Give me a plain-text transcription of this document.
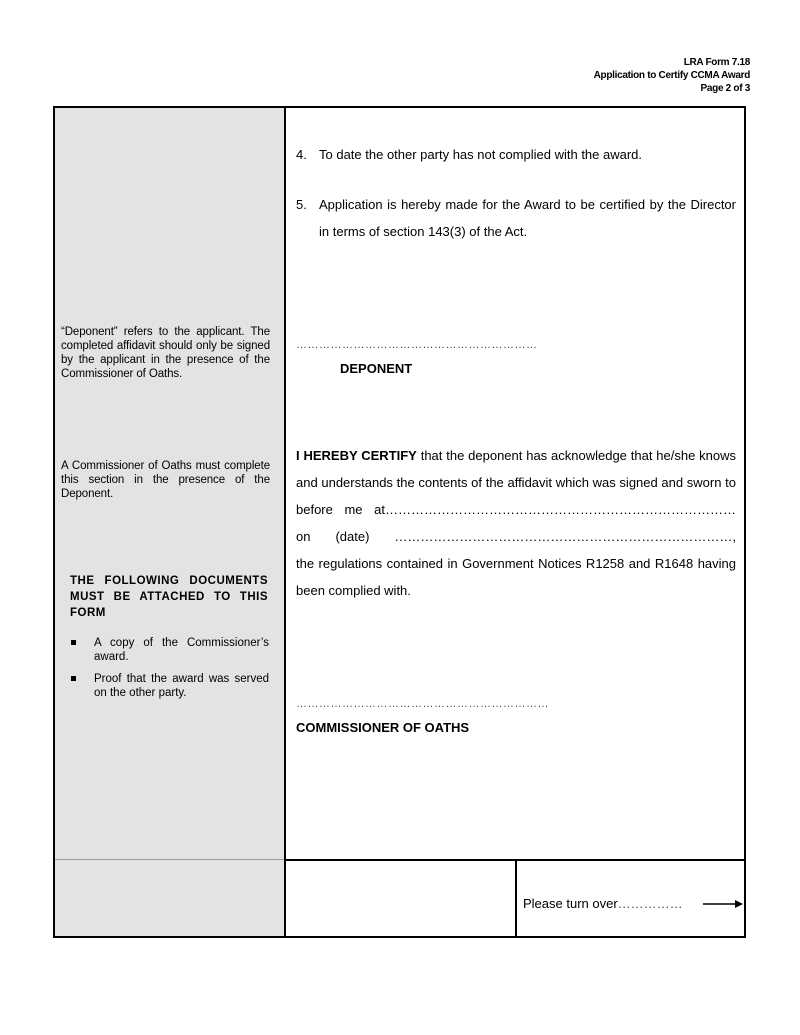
LRA Form 7.18
Application to Certify CCMA Award
Page 2 of 3
“Deponent” refers to the applicant. The completed affidavit should only be signed by the applicant in the presence of the Commissioner of Oaths.
A Commissioner of Oaths must complete this section in the presence of the Deponent.
THE FOLLOWING DOCUMENTS MUST BE ATTACHED TO THIS FORM
A copy of the Commissioner’s award.
Proof that the award was served on the other party.
4. To date the other party has not complied with the award.
5. Application is hereby made for the Award to be certified by the Director in terms of section 143(3) of the Act.
………………………………………………………
DEPONENT
I HEREBY CERTIFY that the deponent has acknowledge that he/she knows
and understands the contents of the affidavit which was signed and sworn to
before me at………………………………………………………………………
on (date) ……………………………………………………………………,
the regulations contained in Government Notices R1258 and R1648 having
been complied with.
…………………………………………………………
COMMISSIONER OF OATHS
Please turn over……………
